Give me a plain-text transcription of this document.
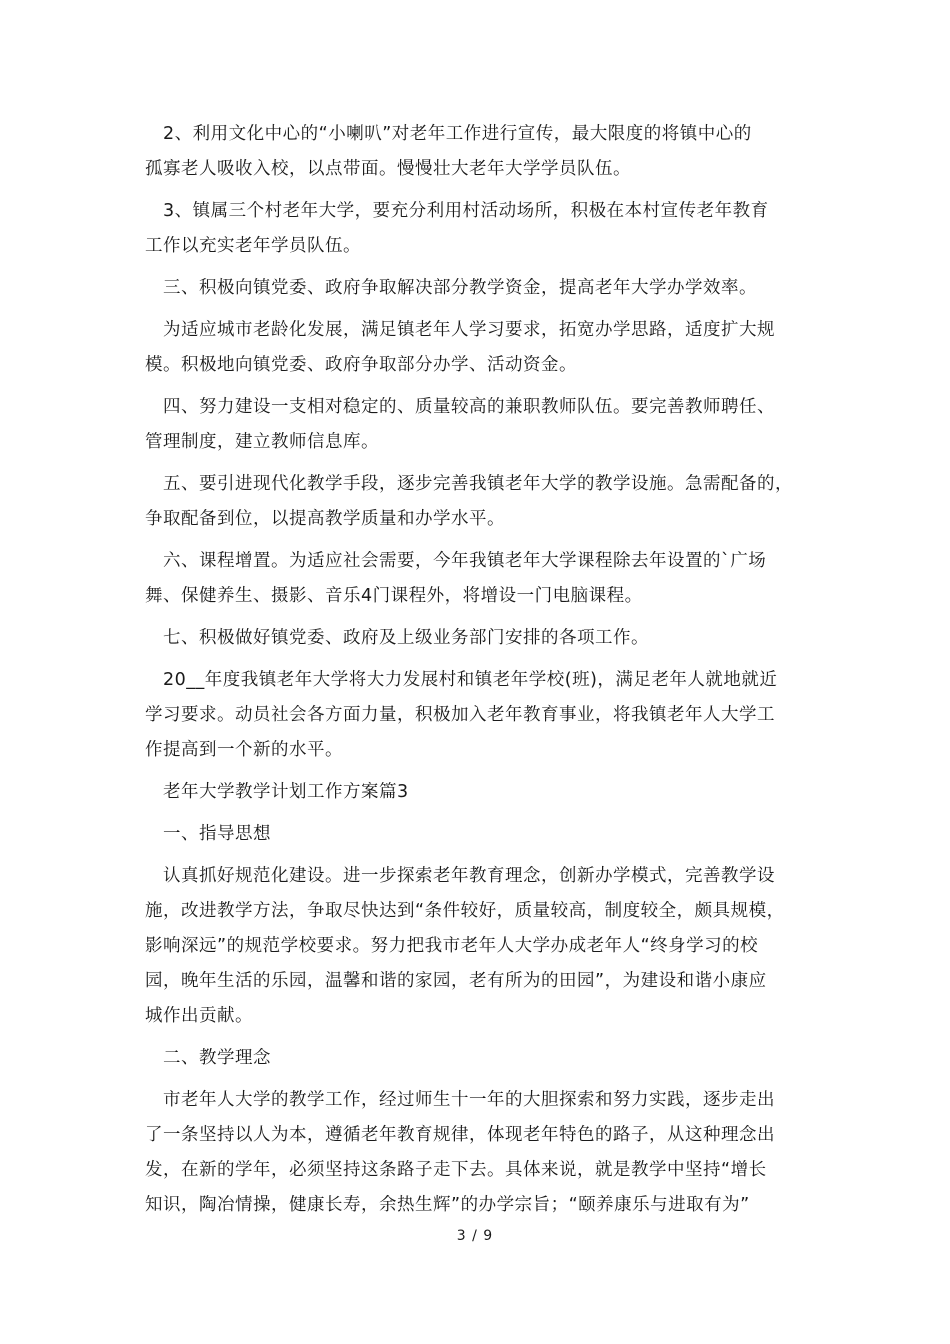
2、利用文化中心的“小喇叭”对老年工作进行宣传，最大限度的将镇中心的
孤寡老人吸收入校，以点带面。慢慢壮大老年大学学员队伍。
3、镇属三个村老年大学，要充分利用村活动场所，积极在本村宣传老年教育
工作以充实老年学员队伍。
三、积极向镇党委、政府争取解决部分教学资金，提高老年大学办学效率。
为适应城市老龄化发展，满足镇老年人学习要求，拓宽办学思路，适度扩大规
模。积极地向镇党委、政府争取部分办学、活动资金。
四、努力建设一支相对稳定的、质量较高的兼职教师队伍。要完善教师聘任、
管理制度，建立教师信息库。
五、要引进现代化教学手段，逐步完善我镇老年大学的教学设施。急需配备的，
争取配备到位，以提高教学质量和办学水平。
六、课程增置。为适应社会需要，今年我镇老年大学课程除去年设置的`广场
舞、保健养生、摄影、音乐4门课程外，将增设一门电脑课程。
七、积极做好镇党委、政府及上级业务部门安排的各项工作。
20__年度我镇老年大学将大力发展村和镇老年学校(班)，满足老年人就地就近
学习要求。动员社会各方面力量，积极加入老年教育事业，将我镇老年人大学工
作提高到一个新的水平。
老年大学教学计划工作方案篇3
一、指导思想
认真抓好规范化建设。进一步探索老年教育理念，创新办学模式，完善教学设
施，改进教学方法，争取尽快达到“条件较好，质量较高，制度较全，颇具规模，
影响深远”的规范学校要求。努力把我市老年人大学办成老年人“终身学习的校
园，晚年生活的乐园，温馨和谐的家园，老有所为的田园”，为建设和谐小康应
城作出贡献。
二、教学理念
市老年人大学的教学工作，经过师生十一年的大胆探索和努力实践，逐步走出
了一条坚持以人为本，遵循老年教育规律，体现老年特色的路子，从这种理念出
发，在新的学年，必须坚持这条路子走下去。具体来说，就是教学中坚持“增长
知识，陶冶情操，健康长寿，余热生辉”的办学宗旨；“颐养康乐与进取有为”
3 / 9
